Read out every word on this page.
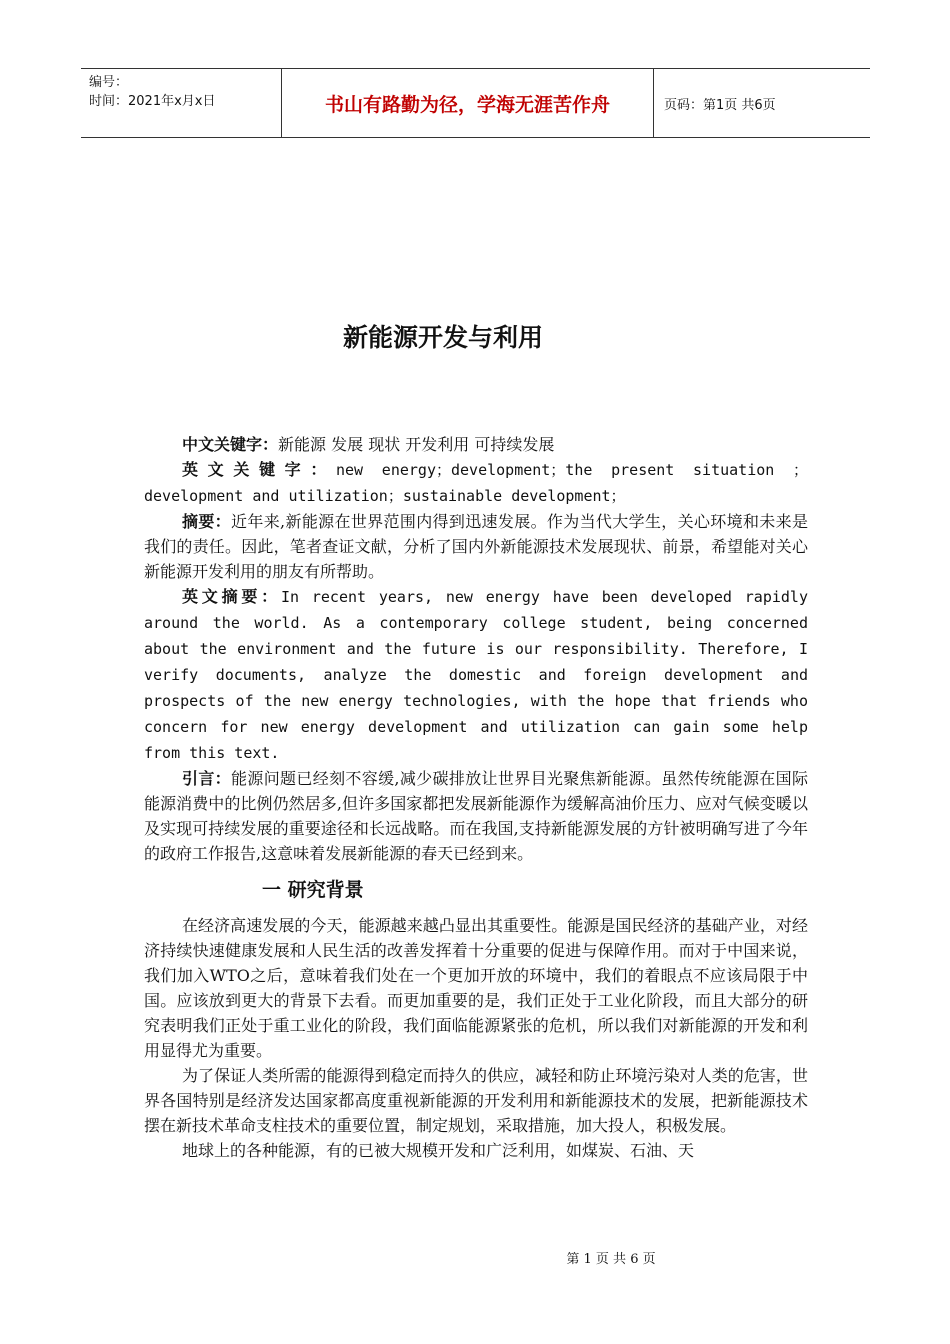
编号：
时间：2021年x月x日	书山有路勤为径，学海无涯苦作舟	页码：第1页 共6页
新能源开发与利用

中文关键字：新能源 发展 现状 开发利用 可持续发展

英文关键字：new energy；development；the present situation ；development and utilization；sustainable development；

摘要：近年来,新能源在世界范围内得到迅速发展。作为当代大学生，关心环境和未来是我们的责任。因此，笔者查证文献，分析了国内外新能源技术发展现状、前景，希望能对关心新能源开发利用的朋友有所帮助。

英文摘要：In recent years, new energy have been developed rapidly around the world. As a contemporary college student, being concerned about the environment and the future is our responsibility. Therefore, I verify documents, analyze the domestic and foreign development and prospects of the new energy technologies, with the hope that friends who concern for new energy development and utilization can gain some help from this text.

引言：能源问题已经刻不容缓,减少碳排放让世界目光聚焦新能源。虽然传统能源在国际能源消费中的比例仍然居多,但许多国家都把发展新能源作为缓解高油价压力、应对气候变暖以及实现可持续发展的重要途径和长远战略。而在我国,支持新能源发展的方针被明确写进了今年的政府工作报告,这意味着发展新能源的春天已经到来。

一 研究背景

在经济高速发展的今天，能源越来越凸显出其重要性。能源是国民经济的基础产业，对经济持续快速健康发展和人民生活的改善发挥着十分重要的促进与保障作用。而对于中国来说，我们加入WTO之后，意味着我们处在一个更加开放的环境中，我们的着眼点不应该局限于中国。应该放到更大的背景下去看。而更加重要的是，我们正处于工业化阶段，而且大部分的研究表明我们正处于重工业化的阶段，我们面临能源紧张的危机，所以我们对新能源的开发和利用显得尤为重要。

为了保证人类所需的能源得到稳定而持久的供应，减轻和防止环境污染对人类的危害，世界各国特别是经济发达国家都高度重视新能源的开发利用和新能源技术的发展，把新能源技术摆在新技术革命支柱技术的重要位置，制定规划，采取措施，加大投人，积极发展。

地球上的各种能源，有的已被大规模开发和广泛利用，如煤炭、石油、天

第 1 页 共 6 页
